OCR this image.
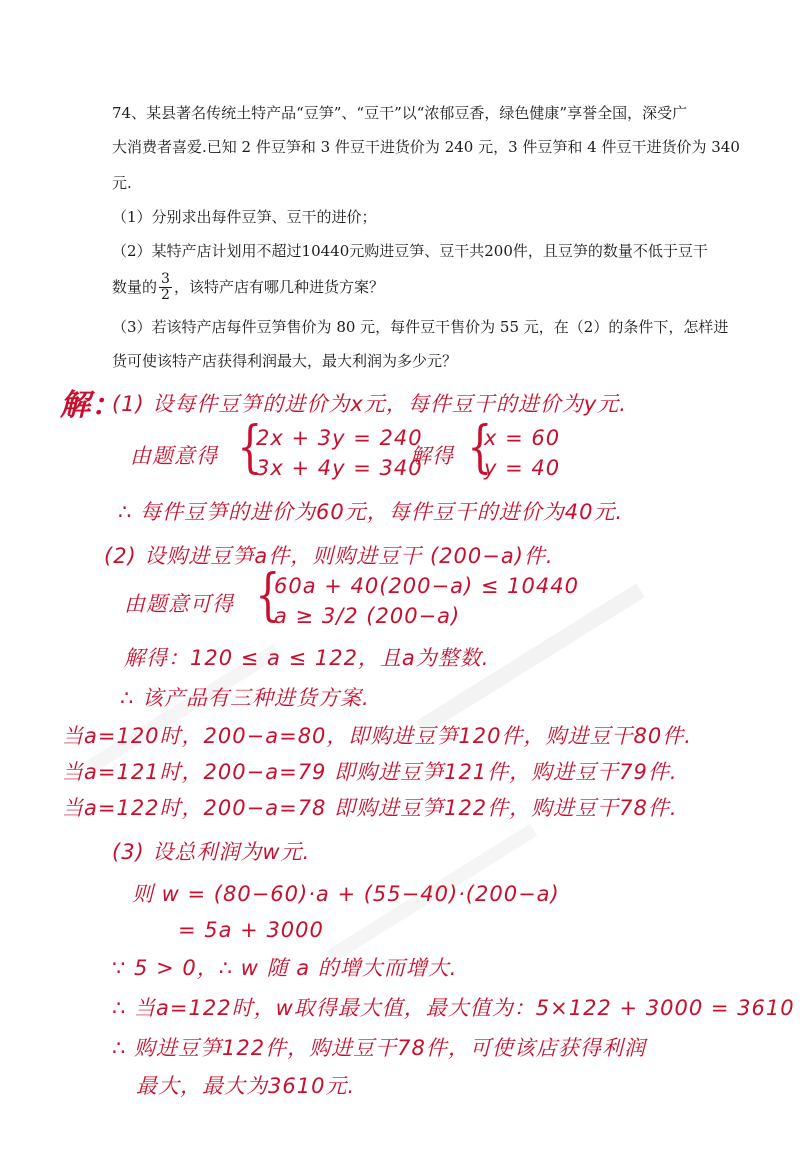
74、某县著名传统土特产品“豆笋”、“豆干”以“浓郁豆香，绿色健康”享誉全国，深受广
大消费者喜爱.已知 2 件豆笋和 3 件豆干进货价为 240 元，3 件豆笋和 4 件豆干进货价为 340
元.
（1）分别求出每件豆笋、豆干的进价；
（2）某特产店计划用不超过10440元购进豆笋、豆干共200件，且豆笋的数量不低于豆干
数量的 $\frac{3}{2}$ ，该特产店有哪几种进货方案？
（3）若该特产店每件豆笋售价为 80 元，每件豆干售价为 55 元，在（2）的条件下，怎样进
货可使该特产店获得利润最大，最大利润为多少元？
解：
(1) 设每件豆笋的进价为x元，每件豆干的进价为y元.
由题意得 {
2x + 3y = 240
3x + 4y = 340
解得 {
x = 60
y = 40
∴ 每件豆笋的进价为60元，每件豆干的进价为40元.
(2) 设购进豆笋a件，则购进豆干 (200−a)件.
由题意可得 {
60a + 40(200−a) ≤ 10440
a ≥ 3/2 (200−a)
解得：120 ≤ a ≤ 122，且a为整数.
∴ 该产品有三种进货方案.
当a=120时，200−a=80，即购进豆笋120件，购进豆干80件.
当a=121时，200−a=79 即购进豆笋121件，购进豆干79件.
当a=122时，200−a=78 即购进豆笋122件，购进豆干78件.
(3) 设总利润为w元.
则 w = (80−60)·a + (55−40)·(200−a)
= 5a + 3000
∵ 5 > 0，∴ w 随 a 的增大而增大.
∴ 当a=122时，w取得最大值，最大值为：5×122 + 3000 = 3610
∴ 购进豆笋122件，购进豆干78件，可使该店获得利润
最大，最大为3610元.
